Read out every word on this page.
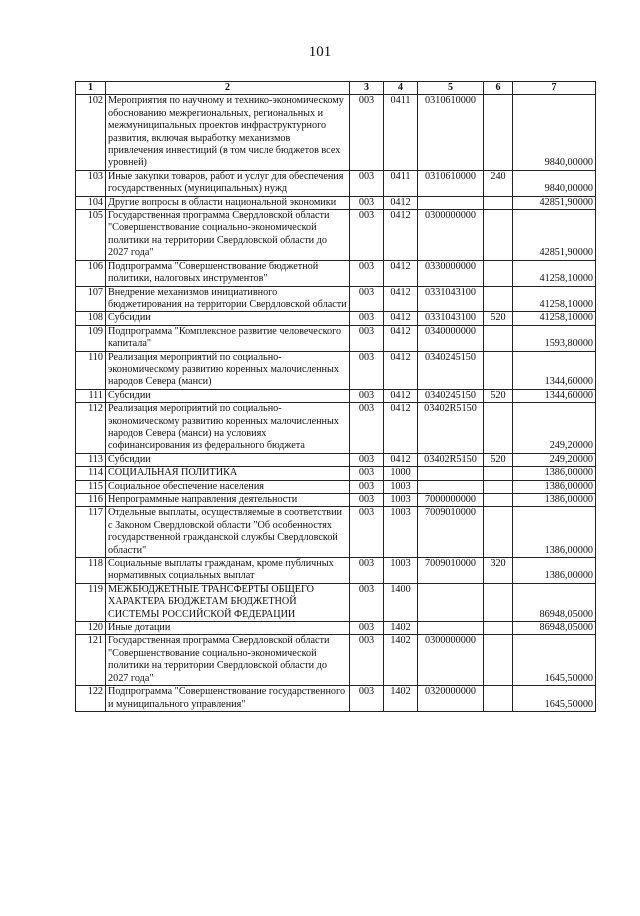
101
1	2	3	4	5	6	7
102	Мероприятия по научному и технико-экономическому обоснованию межрегиональных, региональных и межмуниципальных проектов инфраструктурного развития, включая выработку механизмов привлечения инвестиций (в том числе бюджетов всех уровней)	003	0411	0310610000		9840,00000
103	Иные закупки товаров, работ и услуг для обеспечения государственных (муниципальных) нужд	003	0411	0310610000	240	9840,00000
104	Другие вопросы в области национальной экономики	003	0412			42851,90000
105	Государственная программа Свердловской области "Совершенствование социально-экономической политики на территории Свердловской области до 2027 года"	003	0412	0300000000		42851,90000
106	Подпрограмма "Совершенствование бюджетной политики, налоговых инструментов"	003	0412	0330000000		41258,10000
107	Внедрение механизмов инициативного бюджетирования на территории Свердловской области	003	0412	0331043100		41258,10000
108	Субсидии	003	0412	0331043100	520	41258,10000
109	Подпрограмма "Комплексное развитие человеческого капитала"	003	0412	0340000000		1593,80000
110	Реализация мероприятий по социально-экономическому развитию коренных малочисленных народов Севера (манси)	003	0412	0340245150		1344,60000
111	Субсидии	003	0412	0340245150	520	1344,60000
112	Реализация мероприятий по социально-экономическому развитию коренных малочисленных народов Севера (манси) на условиях софинансирования из федерального бюджета	003	0412	03402R5150		249,20000
113	Субсидии	003	0412	03402R5150	520	249,20000
114	СОЦИАЛЬНАЯ ПОЛИТИКА	003	1000			1386,00000
115	Социальное обеспечение населения	003	1003			1386,00000
116	Непрограммные направления деятельности	003	1003	7000000000		1386,00000
117	Отдельные выплаты, осуществляемые в соответствии с Законом Свердловской области "Об особенностях государственной гражданской службы Свердловской области"	003	1003	7009010000		1386,00000
118	Социальные выплаты гражданам, кроме публичных нормативных социальных выплат	003	1003	7009010000	320	1386,00000
119	МЕЖБЮДЖЕТНЫЕ ТРАНСФЕРТЫ ОБЩЕГО ХАРАКТЕРА БЮДЖЕТАМ БЮДЖЕТНОЙ СИСТЕМЫ РОССИЙСКОЙ ФЕДЕРАЦИИ	003	1400			86948,05000
120	Иные дотации	003	1402			86948,05000
121	Государственная программа Свердловской области "Совершенствование социально-экономической политики на территории Свердловской области до 2027 года"	003	1402	0300000000		1645,50000
122	Подпрограмма "Совершенствование государственного и муниципального управления"	003	1402	0320000000		1645,50000
